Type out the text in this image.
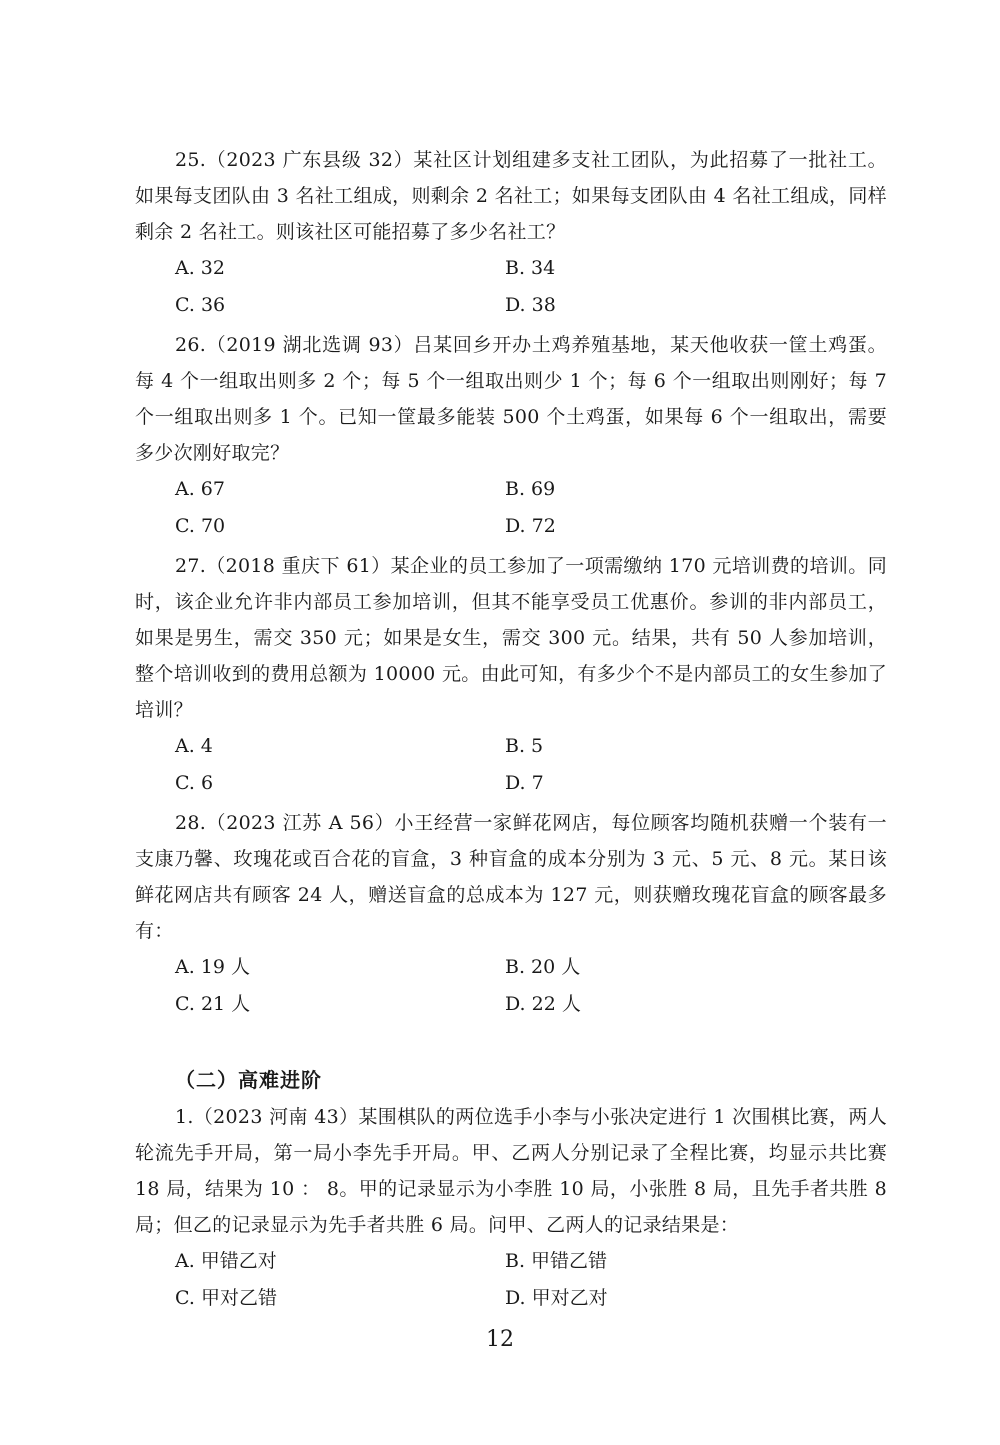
25.（2023 广东县级 32）某社区计划组建多支社工团队，为此招募了一批社工。如果每支团队由 3 名社工组成，则剩余 2 名社工；如果每支团队由 4 名社工组成，同样剩余 2 名社工。则该社区可能招募了多少名社工？

A. 32	B. 34
C. 36	D. 38

26.（2019 湖北选调 93）吕某回乡开办土鸡养殖基地，某天他收获一筐土鸡蛋。每 4 个一组取出则多 2 个；每 5 个一组取出则少 1 个；每 6 个一组取出则刚好；每 7 个一组取出则多 1 个。已知一筐最多能装 500 个土鸡蛋，如果每 6 个一组取出，需要多少次刚好取完？

A. 67	B. 69
C. 70	D. 72

27.（2018 重庆下 61）某企业的员工参加了一项需缴纳 170 元培训费的培训。同时，该企业允许非内部员工参加培训，但其不能享受员工优惠价。参训的非内部员工，如果是男生，需交 350 元；如果是女生，需交 300 元。结果，共有 50 人参加培训，整个培训收到的费用总额为 10000 元。由此可知，有多少个不是内部员工的女生参加了培训？

A. 4	B. 5
C. 6	D. 7

28.（2023 江苏 A 56）小王经营一家鲜花网店，每位顾客均随机获赠一个装有一支康乃馨、玫瑰花或百合花的盲盒，3 种盲盒的成本分别为 3 元、5 元、8 元。某日该鲜花网店共有顾客 24 人，赠送盲盒的总成本为 127 元，则获赠玫瑰花盲盒的顾客最多有：

A. 19 人	B. 20 人
C. 21 人	D. 22 人
（二）高难进阶

1.（2023 河南 43）某围棋队的两位选手小李与小张决定进行 1 次围棋比赛，两人轮流先手开局，第一局小李先手开局。甲、乙两人分别记录了全程比赛，均显示共比赛 18 局，结果为 10 ： 8。甲的记录显示为小李胜 10 局，小张胜 8 局，且先手者共胜 8 局；但乙的记录显示为先手者共胜 6 局。问甲、乙两人的记录结果是：

A. 甲错乙对	B. 甲错乙错
C. 甲对乙错	D. 甲对乙对
12
